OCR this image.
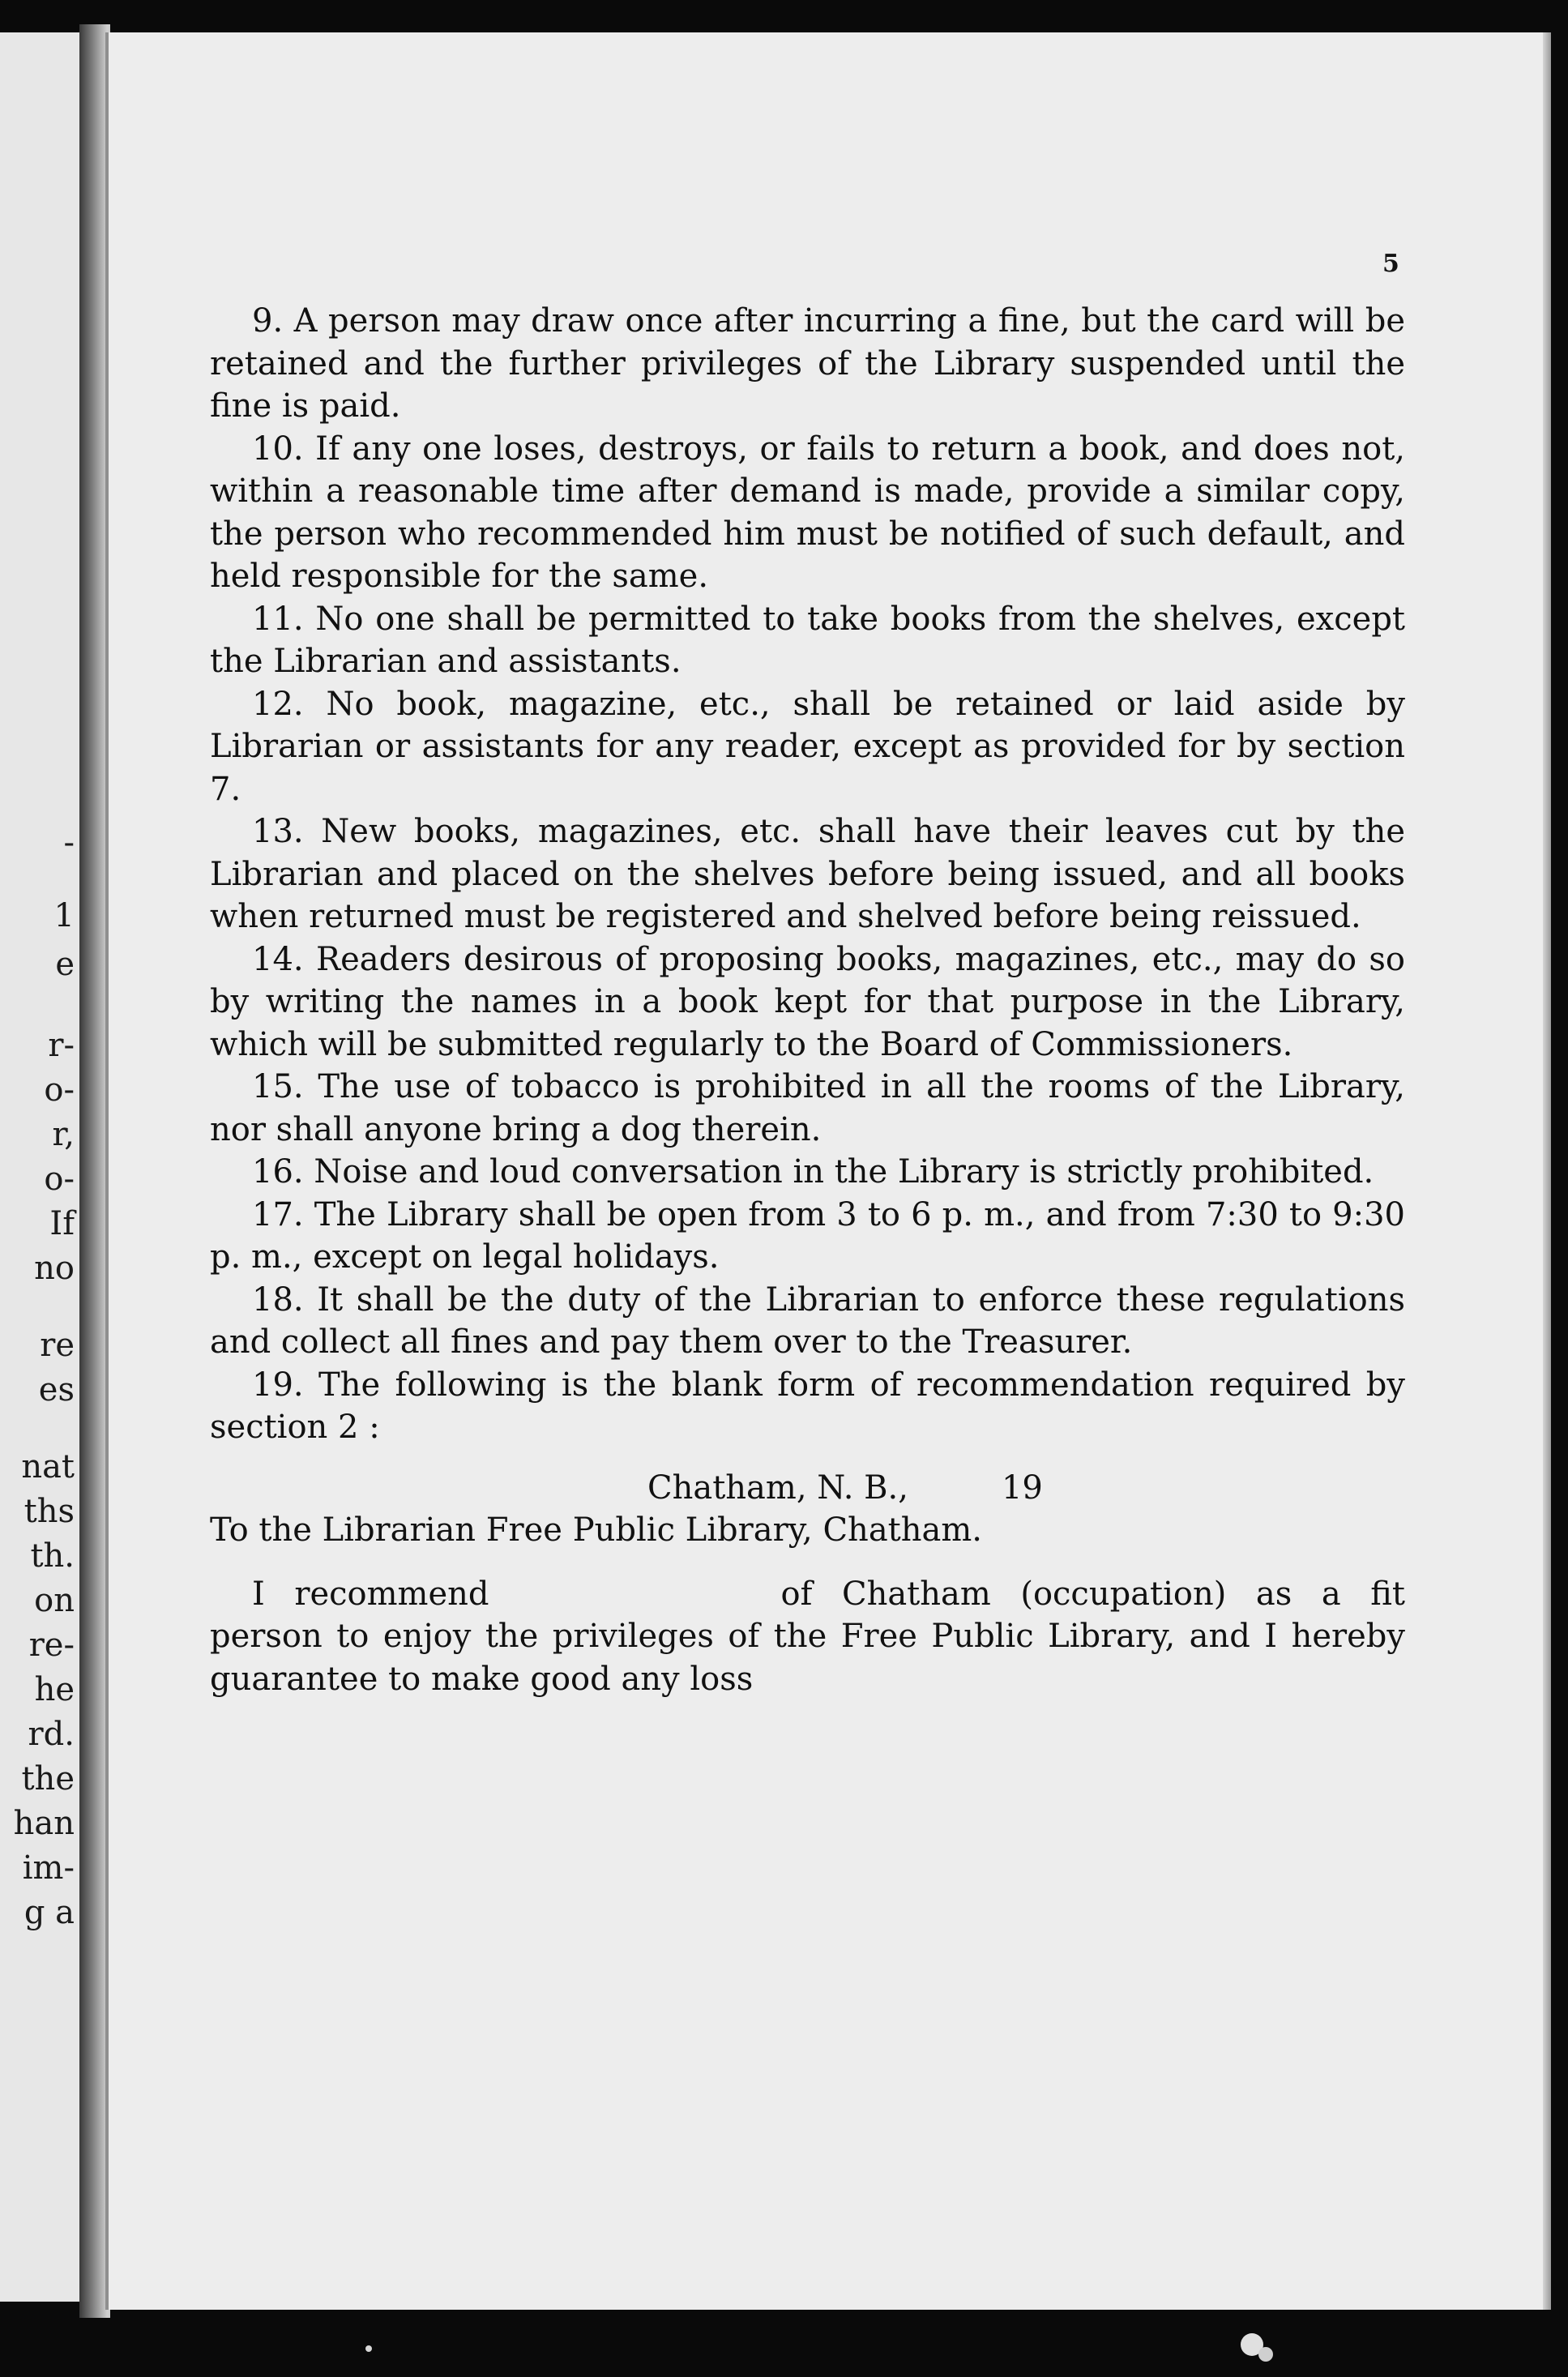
-
1
e
r-
o-
r,
o-
If
no
re
es
nat
ths
th.
on
re-
he
rd.
the
han
im-
g a
5

9. A person may draw once after incurring a fine, but the card will be retained and the further privileges of the Library suspended until the fine is paid.

10. If any one loses, destroys, or fails to return a book, and does not, within a reasonable time after demand is made, provide a similar copy, the person who recommended him must be notified of such default, and held responsible for the same.

11. No one shall be permitted to take books from the shelves, except the Librarian and assistants.

12. No book, magazine, etc., shall be retained or laid aside by Librarian or assistants for any reader, except as provided for by section 7.

13. New books, magazines, etc. shall have their leaves cut by the Librarian and placed on the shelves before being issued, and all books when returned must be registered and shelved before being reissued.

14. Readers desirous of proposing books, magazines, etc., may do so by writing the names in a book kept for that purpose in the Library, which will be submitted regularly to the Board of Commissioners.

15. The use of tobacco is prohibited in all the rooms of the Library, nor shall anyone bring a dog therein.

16. Noise and loud conversation in the Library is strictly prohibited.

17. The Library shall be open from 3 to 6 p. m., and from 7:30 to 9:30 p. m., except on legal holidays.

18. It shall be the duty of the Librarian to enforce these regulations and collect all fines and pay them over to the Treasurer.

19. The following is the blank form of recommendation required by section 2 :

Chatham, N. B.,	19

To the Librarian Free Public Library, Chatham.

I recommend	of Chatham (occupation) as a fit person to enjoy the privileges of the Free Public Library, and I hereby guarantee to make good any loss
